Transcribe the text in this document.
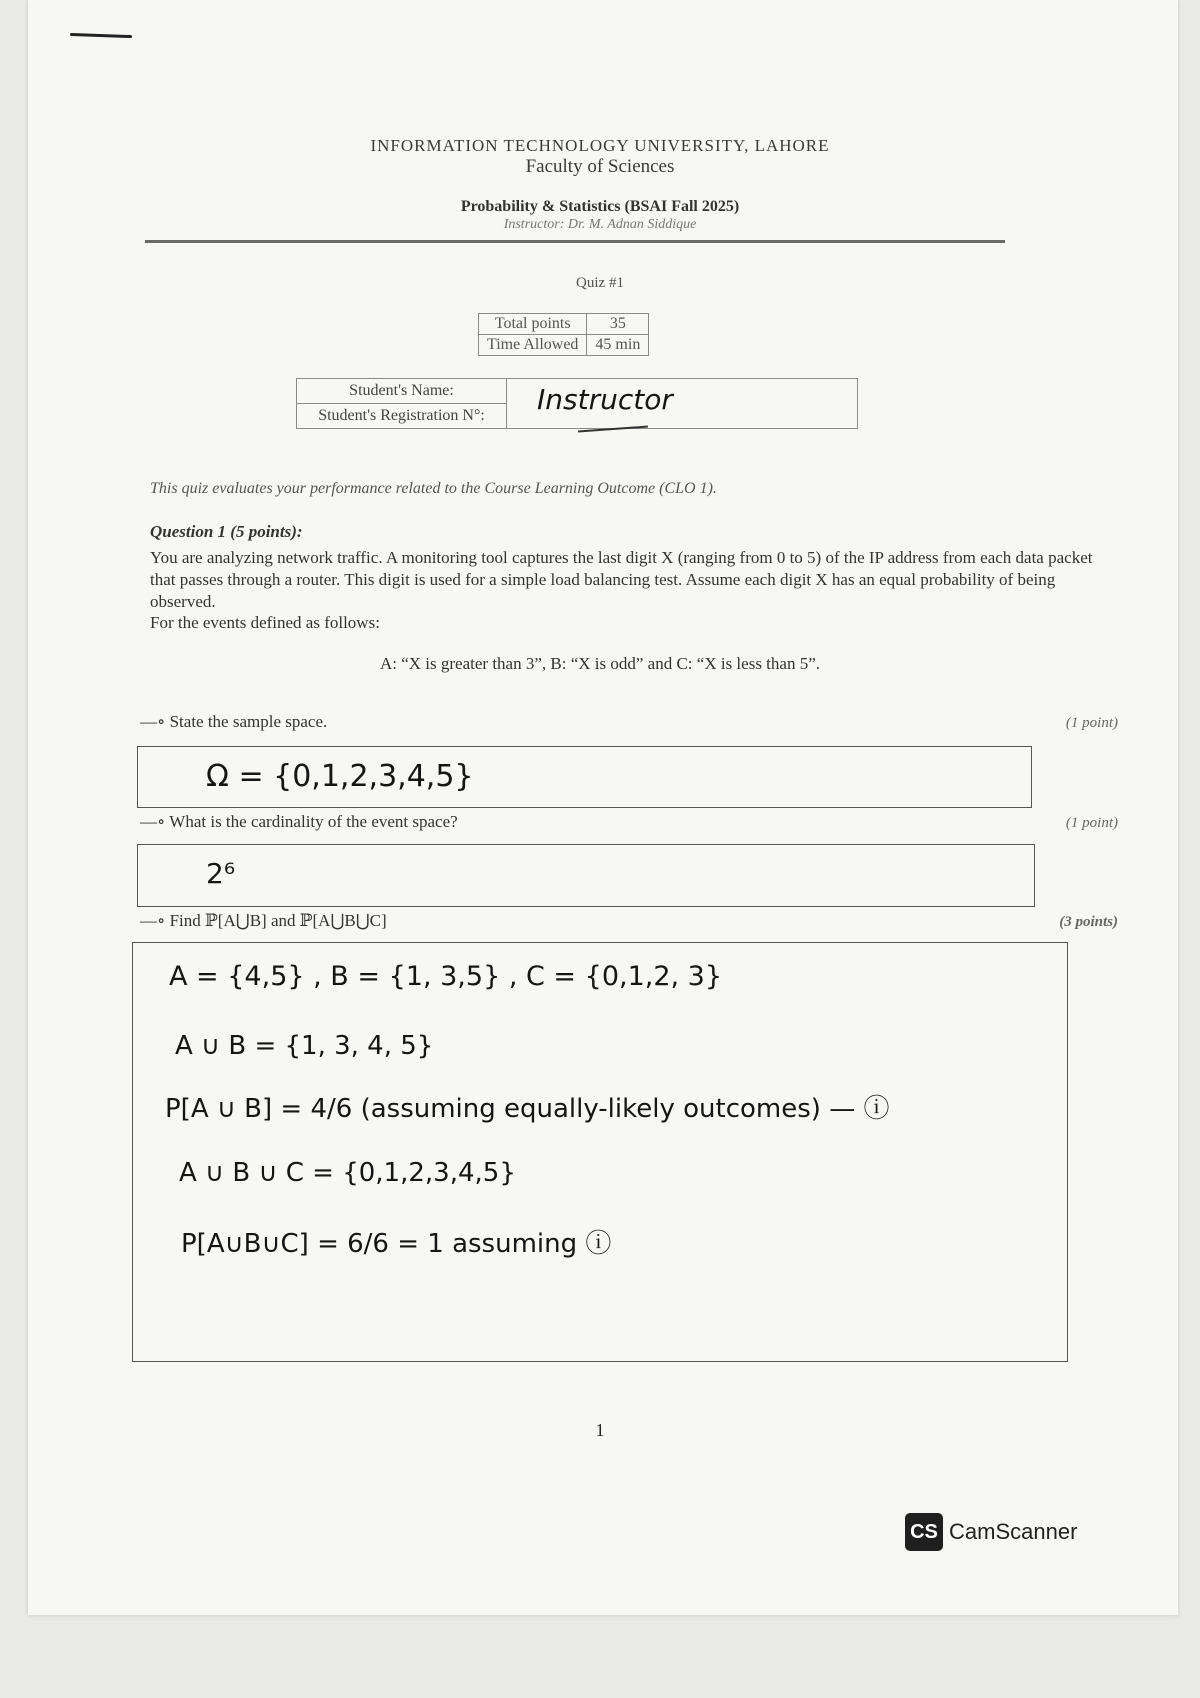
INFORMATION TECHNOLOGY UNIVERSITY, LAHORE
Faculty of Sciences
Probability & Statistics (BSAI Fall 2025)
Instructor: Dr. M. Adnan Siddique
Quiz #1
Total points	35
Time Allowed	45 min
Student's Name:	Instructor

Student's Registration N°:
This quiz evaluates your performance related to the Course Learning Outcome (CLO 1).
Question 1 (5 points):
You are analyzing network traffic. A monitoring tool captures the last digit X (ranging from 0 to 5) of the IP address from each data packet that passes through a router. This digit is used for a simple load balancing test. Assume each digit X has an equal probability of being observed.
For the events defined as follows:
A: “X is greater than 3”, B: “X is odd” and C: “X is less than 5”.
—∘ State the sample space.	(1 point)
Ω = {0,1,2,3,4,5}
—∘ What is the cardinality of the event space?	(1 point)
2⁶
—∘ Find ℙ[A⋃B] and ℙ[A⋃B⋃C]	(3 points)
A = {4,5} , B = {1, 3,5} , C = {0,1,2, 3}
A ∪ B = {1, 3, 4, 5}
P[A ∪ B] = 4/6 (assuming equally-likely outcomes) — ⓘ
A ∪ B ∪ C = {0,1,2,3,4,5}
P[A∪B∪C] = 6/6 = 1 assuming ⓘ
1
CS CamScanner
